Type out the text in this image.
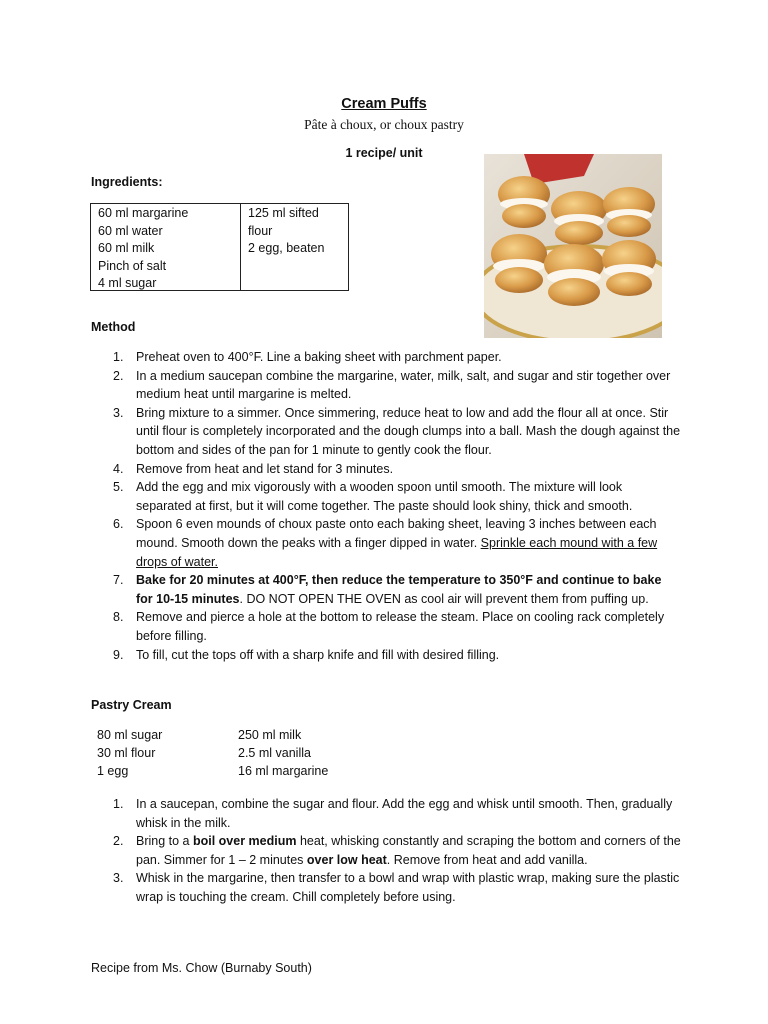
Cream Puffs
Pâte à choux, or choux pastry
1 recipe/ unit
Ingredients:
60 ml margarine
60 ml water
60 ml milk
Pinch of salt
4 ml sugar
125 ml sifted flour
2 egg, beaten
Method
1. Preheat oven to 400°F. Line a baking sheet with parchment paper.
2. In a medium saucepan combine the margarine, water, milk, salt, and sugar and stir together over medium heat until margarine is melted.
3. Bring mixture to a simmer. Once simmering, reduce heat to low and add the flour all at once. Stir until flour is completely incorporated and the dough clumps into a ball. Mash the dough against the bottom and sides of the pan for 1 minute to gently cook the flour.
4. Remove from heat and let stand for 3 minutes.
5. Add the egg and mix vigorously with a wooden spoon until smooth. The mixture will look separated at first, but it will come together. The paste should look shiny, thick and smooth.
6. Spoon 6 even mounds of choux paste onto each baking sheet, leaving 3 inches between each mound. Smooth down the peaks with a finger dipped in water. Sprinkle each mound with a few drops of water.
7. Bake for 20 minutes at 400°F, then reduce the temperature to 350°F and continue to bake for 10-15 minutes. DO NOT OPEN THE OVEN as cool air will prevent them from puffing up.
8. Remove and pierce a hole at the bottom to release the steam. Place on cooling rack completely before filling.
9. To fill, cut the tops off with a sharp knife and fill with desired filling.
Pastry Cream
80 ml sugar
30 ml flour
1 egg
250 ml milk
2.5 ml vanilla
16 ml margarine
1. In a saucepan, combine the sugar and flour. Add the egg and whisk until smooth. Then, gradually whisk in the milk.
2. Bring to a boil over medium heat, whisking constantly and scraping the bottom and corners of the pan. Simmer for 1 – 2 minutes over low heat. Remove from heat and add vanilla.
3. Whisk in the margarine, then transfer to a bowl and wrap with plastic wrap, making sure the plastic wrap is touching the cream. Chill completely before using.
Recipe from Ms. Chow (Burnaby South)
